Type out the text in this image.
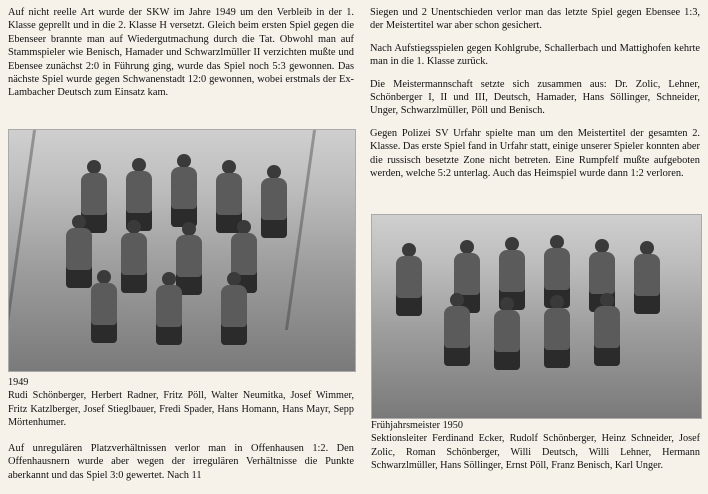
Auf nicht reelle Art wurde der SKW im Jahre 1949 um den Verbleib in der 1. Klasse geprellt und in die 2. Klasse H versetzt. Gleich beim ersten Spiel gegen die Ebenseer brannte man auf Wiedergutmachung durch die Tat. Obwohl man auf Stammspieler wie Benisch, Hamader und Schwarzlmüller II verzichten mußte und Ebensee zunächst 2:0 in Führung ging, wurde das Spiel noch 5:3 gewonnen. Das nächste Spiel wurde gegen Schwanenstadt 12:0 gewonnen, wobei erstmals der Ex-Lambacher Deutsch zum Einsatz kam.

1949

Rudi Schönberger, Herbert Radner, Fritz Pöll, Walter Neumitka, Josef Wimmer, Fritz Katzlberger, Josef Stieglbauer, Fredi Spader, Hans Homann, Hans Mayr, Sepp Mörtenhumer.

Auf unregulären Platzverhältnissen verlor man in Offenhausen 1:2. Den Offenhausnern wurde aber wegen der irregulären Verhältnisse die Punkte aberkannt und das Spiel 3:0 gewertet. Nach 11

Siegen und 2 Unentschieden verlor man das letzte Spiel gegen Ebensee 1:3, der Meistertitel war aber schon gesichert.

Nach Aufstiegsspielen gegen Kohlgrube, Schallerbach und Mattighofen kehrte man in die 1. Klasse zurück.

Die Meistermannschaft setzte sich zusammen aus: Dr. Zolic, Lehner, Schönberger I, II und III, Deutsch, Hamader, Hans Söllinger, Schneider, Unger, Schwarzlmüller, Pöll und Benisch.

Gegen Polizei SV Urfahr spielte man um den Meistertitel der gesamten 2. Klasse. Das erste Spiel fand in Urfahr statt, einige unserer Spieler konnten aber die russisch besetzte Zone nicht betreten. Eine Rumpfelf mußte aufgeboten werden, welche 5:2 unterlag. Auch das Heimspiel wurde dann 1:2 verloren.

Frühjahrsmeister 1950

Sektionsleiter Ferdinand Ecker, Rudolf Schönberger, Heinz Schneider, Josef Zolic, Roman Schönberger, Willi Deutsch, Willi Lehner, Hermann Schwarzlmüller, Hans Söllinger, Ernst Pöll, Franz Benisch, Karl Unger.
